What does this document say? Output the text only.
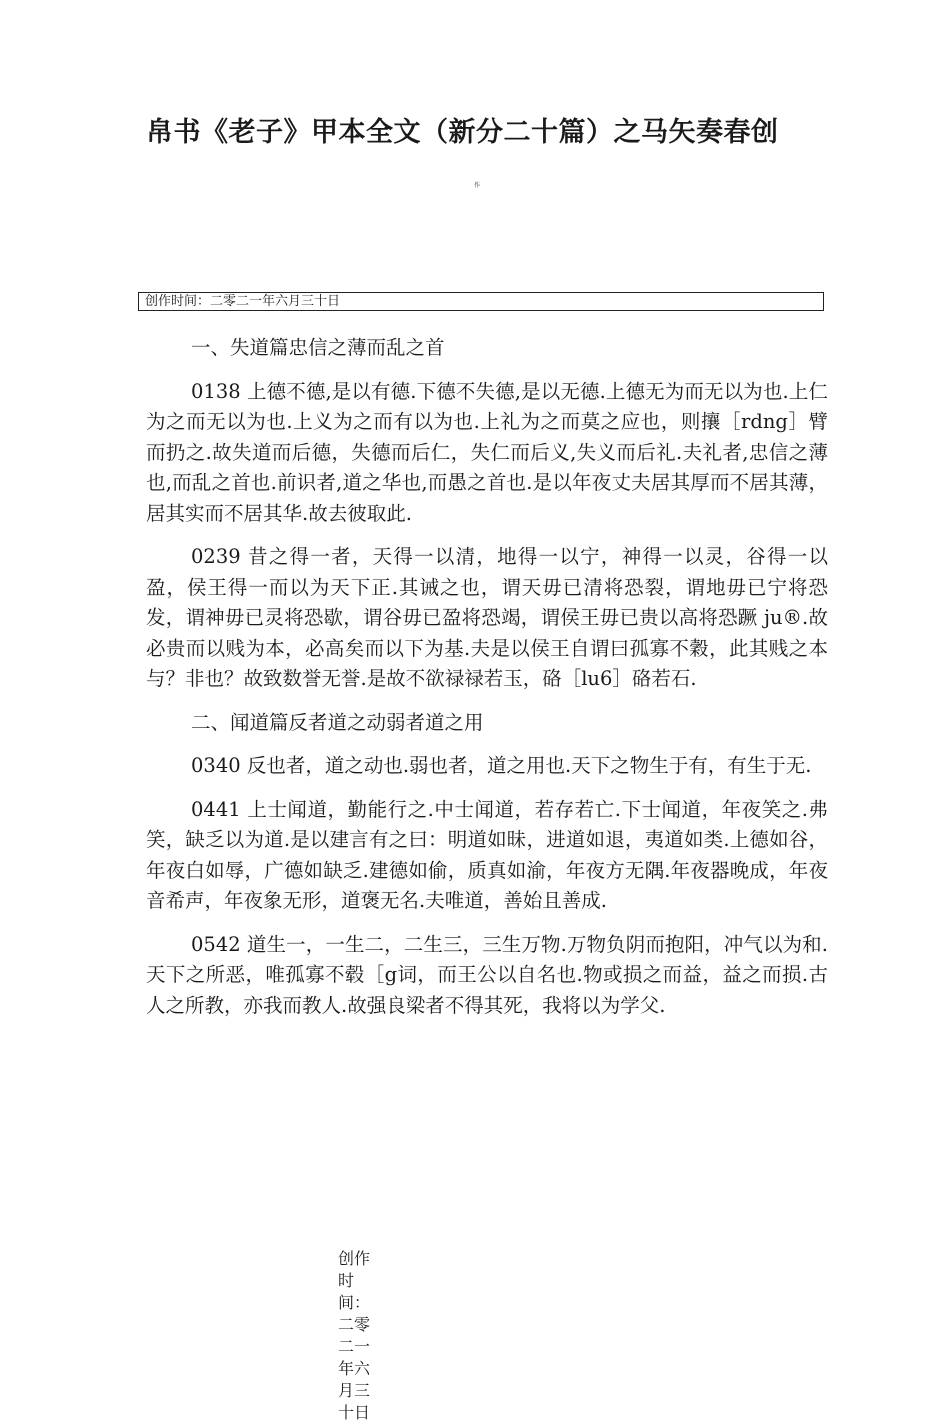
帛书《老子》甲本全文（新分二十篇）之马矢奏春创
作
创作时间：二零二一年六月三十日
一、失道篇忠信之薄而乱之首

0138 上德不德,是以有德.下德不失德,是以无德.上德无为而无以为也.上仁为之而无以为也.上义为之而有以为也.上礼为之而莫之应也，则攘［rdng］臂而扔之.故失道而后德，失德而后仁，失仁而后义,失义而后礼.夫礼者,忠信之薄也,而乱之首也.前识者,道之华也,而愚之首也.是以年夜丈夫居其厚而不居其薄，居其实而不居其华.故去彼取此.

0239 昔之得一者，天得一以清，地得一以宁，神得一以灵，谷得一以盈，侯王得一而以为天下正.其诫之也，谓天毋已清将恐裂，谓地毋已宁将恐发，谓神毋已灵将恐歇，谓谷毋已盈将恐竭，谓侯王毋已贵以高将恐蹶 ju®.故必贵而以贱为本，必高矣而以下为基.夫是以侯王自谓曰孤寡不穀，此其贱之本与？非也？故致数誉无誉.是故不欲禄禄若玉，硌［lu6］硌若石.

二、闻道篇反者道之动弱者道之用

0340 反也者，道之动也.弱也者，道之用也.天下之物生于有，有生于无.

0441 上士闻道，勤能行之.中士闻道，若存若亡.下士闻道，年夜笑之.弗笑，缺乏以为道.是以建言有之曰：明道如昧，进道如退，夷道如类.上德如谷，年夜白如辱，广德如缺乏.建德如偷，质真如渝，年夜方无隅.年夜器晚成，年夜音希声，年夜象无形，道褒无名.夫唯道，善始且善成.

0542 道生一，一生二，二生三，三生万物.万物负阴而抱阳，冲气以为和.天下之所恶，唯孤寡不毂［g词，而王公以自名也.物或损之而益，益之而损.古人之所教，亦我而教人.故强良梁者不得其死，我将以为学父.

创作时间：二零二一年六月三十日
